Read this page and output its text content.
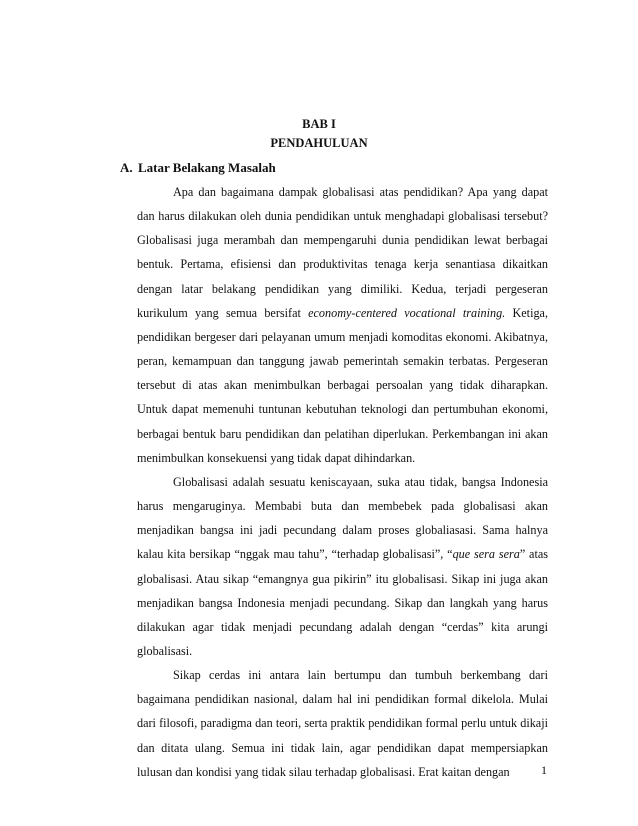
BAB I
PENDAHULUAN
A. Latar Belakang Masalah

Apa dan bagaimana dampak globalisasi atas pendidikan? Apa yang dapat dan harus dilakukan oleh dunia pendidikan untuk menghadapi globalisasi tersebut? Globalisasi juga merambah dan mempengaruhi dunia pendidikan lewat berbagai bentuk. Pertama, efisiensi dan produktivitas tenaga kerja senantiasa dikaitkan dengan latar belakang pendidikan yang dimiliki. Kedua, terjadi pergeseran kurikulum yang semua bersifat economy-centered vocational training. Ketiga, pendidikan bergeser dari pelayanan umum menjadi komoditas ekonomi. Akibatnya, peran, kemampuan dan tanggung jawab pemerintah semakin terbatas. Pergeseran tersebut di atas akan menimbulkan berbagai persoalan yang tidak diharapkan. Untuk dapat memenuhi tuntunan kebutuhan teknologi dan pertumbuhan ekonomi, berbagai bentuk baru pendidikan dan pelatihan diperlukan. Perkembangan ini akan menimbulkan konsekuensi yang tidak dapat dihindarkan.

Globalisasi adalah sesuatu keniscayaan, suka atau tidak, bangsa Indonesia harus mengaruginya. Membabi buta dan membebek pada globalisasi akan menjadikan bangsa ini jadi pecundang dalam proses globaliasasi. Sama halnya kalau kita bersikap “nggak mau tahu”, “terhadap globalisasi”, “que sera sera” atas globalisasi. Atau sikap “emangnya gua pikirin” itu globalisasi. Sikap ini juga akan menjadikan bangsa Indonesia menjadi pecundang. Sikap dan langkah yang harus dilakukan agar tidak menjadi pecundang adalah dengan “cerdas” kita arungi globalisasi.

Sikap cerdas ini antara lain bertumpu dan tumbuh berkembang dari bagaimana pendidikan nasional, dalam hal ini pendidikan formal dikelola. Mulai dari filosofi, paradigma dan teori, serta praktik pendidikan formal perlu untuk dikaji dan ditata ulang. Semua ini tidak lain, agar pendidikan dapat mempersiapkan lulusan dan kondisi yang tidak silau terhadap globalisasi. Erat kaitan dengan	1
